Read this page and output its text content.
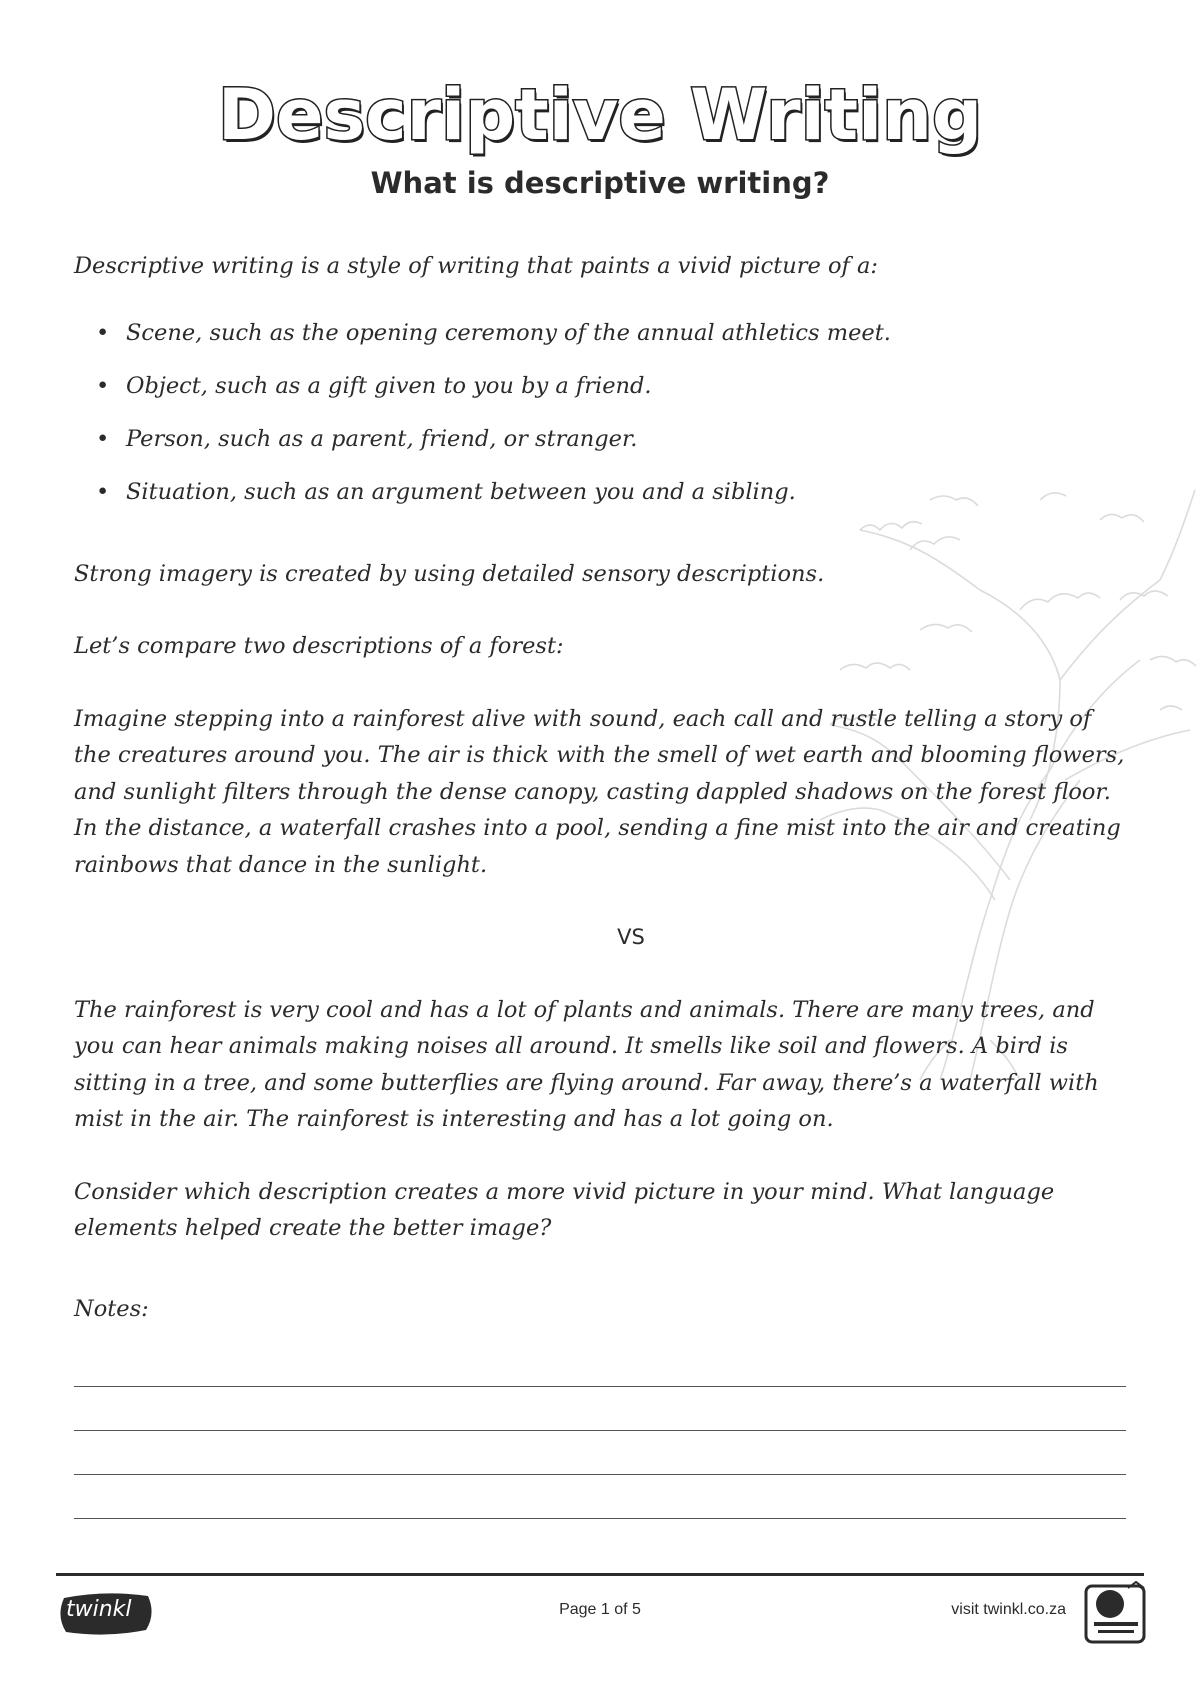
Descriptive Writing
What is descriptive writing?

Descriptive writing is a style of writing that paints a vivid picture of a:

• Scene, such as the opening ceremony of the annual athletics meet.
• Object, such as a gift given to you by a friend.
• Person, such as a parent, friend, or stranger.
• Situation, such as an argument between you and a sibling.

Strong imagery is created by using detailed sensory descriptions.

Let’s compare two descriptions of a forest:

Imagine stepping into a rainforest alive with sound, each call and rustle telling a story of the creatures around you. The air is thick with the smell of wet earth and blooming flowers, and sunlight filters through the dense canopy, casting dappled shadows on the forest floor. In the distance, a waterfall crashes into a pool, sending a fine mist into the air and creating rainbows that dance in the sunlight.

VS

The rainforest is very cool and has a lot of plants and animals. There are many trees, and you can hear animals making noises all around. It smells like soil and flowers. A bird is sitting in a tree, and some butterflies are flying around. Far away, there’s a waterfall with mist in the air. The rainforest is interesting and has a lot going on.

Consider which description creates a more vivid picture in your mind. What language elements helped create the better image?

Notes:

twinkl	Page 1 of 5	visit twinkl.co.za
